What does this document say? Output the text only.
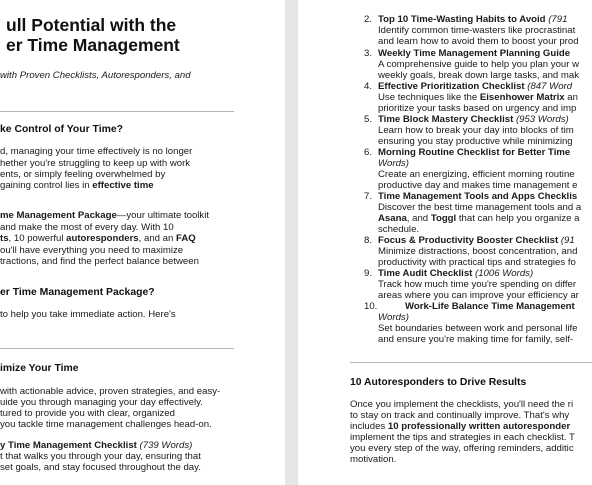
ull Potential with the
er Time Management
with Proven Checklists, Autoresponders, and
ke Control of Your Time?
d, managing your time effectively is no longer
hether you're struggling to keep up with work
ents, or simply feeling overwhelmed by
gaining control lies in effective time
me Management Package—your ultimate toolkit
and make the most of every day. With 10
ts, 10 powerful autoresponders, and an FAQ
ou'll have everything you need to maximize
tractions, and find the perfect balance between
er Time Management Package?
to help you take immediate action. Here's
imize Your Time
with actionable advice, proven strategies, and easy-
uide you through managing your day effectively.
tured to provide you with clear, organized
you tackle time management challenges head-on.
y Time Management Checklist (739 Words)
t that walks you through your day, ensuring that
set goals, and stay focused throughout the day.
2. Top 10 Time-Wasting Habits to Avoid (791
Identify common time-wasters like procrastinat
and learn how to avoid them to boost your prod
3. Weekly Time Management Planning Guide
A comprehensive guide to help you plan your w
weekly goals, break down large tasks, and mak
4. Effective Prioritization Checklist (847 Word
Use techniques like the Eisenhower Matrix an
prioritize your tasks based on urgency and imp
5. Time Block Mastery Checklist (953 Words)
Learn how to break your day into blocks of tim
ensuring you stay productive while minimizing
6. Morning Routine Checklist for Better Time
Words)
Create an energizing, efficient morning routine
productive day and makes time management e
7. Time Management Tools and Apps Checklis
Discover the best time management tools and a
Asana, and Toggl that can help you organize a
schedule.
8. Focus & Productivity Booster Checklist (91
Minimize distractions, boost concentration, and
productivity with practical tips and strategies fo
9. Time Audit Checklist (1006 Words)
Track how much time you're spending on differ
areas where you can improve your efficiency ar
10.	Work-Life Balance Time Management
Words)
Set boundaries between work and personal life
and ensure you're making time for family, self-
10 Autoresponders to Drive Results
Once you implement the checklists, you'll need the ri
to stay on track and continually improve. That's why
includes 10 professionally written autoresponder
implement the tips and strategies in each checklist. T
you every step of the way, offering reminders, additic
motivation.
